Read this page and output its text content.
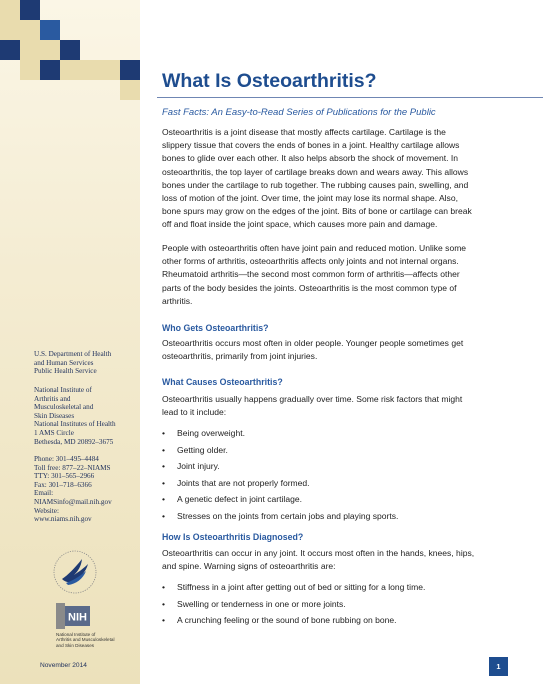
U.S. Department of Health
and Human Services
Public Health Service
National Institute of
Arthritis and
Musculoskeletal and
Skin Diseases
National Institutes of Health
1 AMS Circle
Bethesda, MD 20892–3675
Phone: 301–495–4484
Toll free: 877–22–NIAMS
TTY: 301–565–2966
Fax: 301–718–6366
Email:
NIAMSinfo@mail.nih.gov
Website:
www.niams.nih.gov
NIH
National Institute of
Arthritis and Musculoskeletal
and Skin Diseases
November 2014
What Is Osteoarthritis?
Fast Facts: An Easy-to-Read Series of Publications for the Public
Osteoarthritis is a joint disease that mostly affects cartilage. Cartilage is the
slippery tissue that covers the ends of bones in a joint. Healthy cartilage allows
bones to glide over each other. It also helps absorb the shock of movement. In
osteoarthritis, the top layer of cartilage breaks down and wears away. This allows
bones under the cartilage to rub together. The rubbing causes pain, swelling, and
loss of motion of the joint. Over time, the joint may lose its normal shape. Also,
bone spurs may grow on the edges of the joint. Bits of bone or cartilage can break
off and float inside the joint space, which causes more pain and damage.
People with osteoarthritis often have joint pain and reduced motion. Unlike some
other forms of arthritis, osteoarthritis affects only joints and not internal organs.
Rheumatoid arthritis—the second most common form of arthritis—affects other
parts of the body besides the joints. Osteoarthritis is the most common type of
arthritis.
Who Gets Osteoarthritis?
Osteoarthritis occurs most often in older people. Younger people sometimes get
osteoarthritis, primarily from joint injuries.
What Causes Osteoarthritis?
Osteoarthritis usually happens gradually over time. Some risk factors that might
lead to it include:
• Being overweight.
• Getting older.
• Joint injury.
• Joints that are not properly formed.
• A genetic defect in joint cartilage.
• Stresses on the joints from certain jobs and playing sports.
How Is Osteoarthritis Diagnosed?
Osteoarthritis can occur in any joint. It occurs most often in the hands, knees, hips,
and spine. Warning signs of osteoarthritis are:
• Stiffness in a joint after getting out of bed or sitting for a long time.
• Swelling or tenderness in one or more joints.
• A crunching feeling or the sound of bone rubbing on bone.
1
